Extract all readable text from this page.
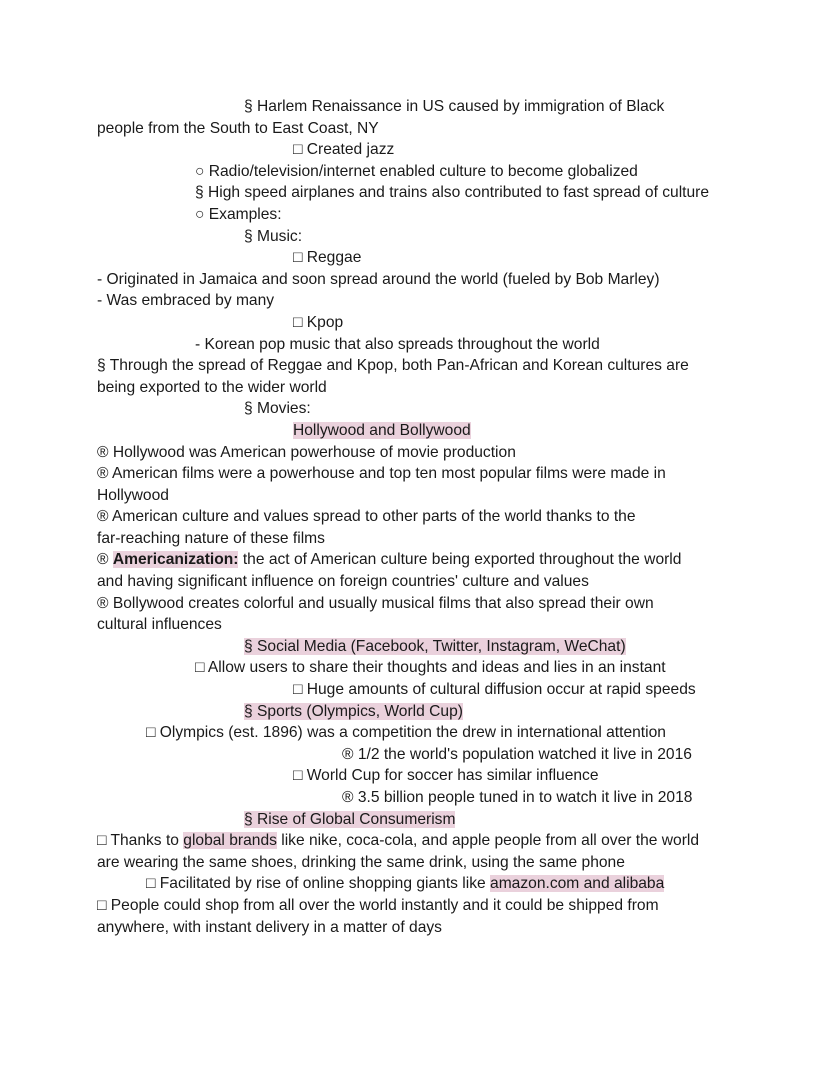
§ Harlem Renaissance in US caused by immigration of Black
people from the South to East Coast, NY
□ Created jazz
○ Radio/television/internet enabled culture to become globalized
§ High speed airplanes and trains also contributed to fast spread of culture
○ Examples:
§ Music:
□ Reggae
- Originated in Jamaica and soon spread around the world (fueled by Bob Marley)
- Was embraced by many
□ Kpop
- Korean pop music that also spreads throughout the world
§ Through the spread of Reggae and Kpop, both Pan-African and Korean cultures are
being exported to the wider world
§ Movies:
Hollywood and Bollywood
® Hollywood was American powerhouse of movie production
® American films were a powerhouse and top ten most popular films were made in
Hollywood
® American culture and values spread to other parts of the world thanks to the
far-reaching nature of these films
® Americanization: the act of American culture being exported throughout the world
and having significant influence on foreign countries' culture and values
® Bollywood creates colorful and usually musical films that also spread their own
cultural influences
§ Social Media (Facebook, Twitter, Instagram, WeChat)
□ Allow users to share their thoughts and ideas and lies in an instant
□ Huge amounts of cultural diffusion occur at rapid speeds
§ Sports (Olympics, World Cup)
□ Olympics (est. 1896) was a competition the drew in international attention
® 1/2 the world's population watched it live in 2016
□ World Cup for soccer has similar influence
® 3.5 billion people tuned in to watch it live in 2018
§ Rise of Global Consumerism
□ Thanks to global brands like nike, coca-cola, and apple people from all over the world
are wearing the same shoes, drinking the same drink, using the same phone
□ Facilitated by rise of online shopping giants like amazon.com and alibaba
□ People could shop from all over the world instantly and it could be shipped from
anywhere, with instant delivery in a matter of days
